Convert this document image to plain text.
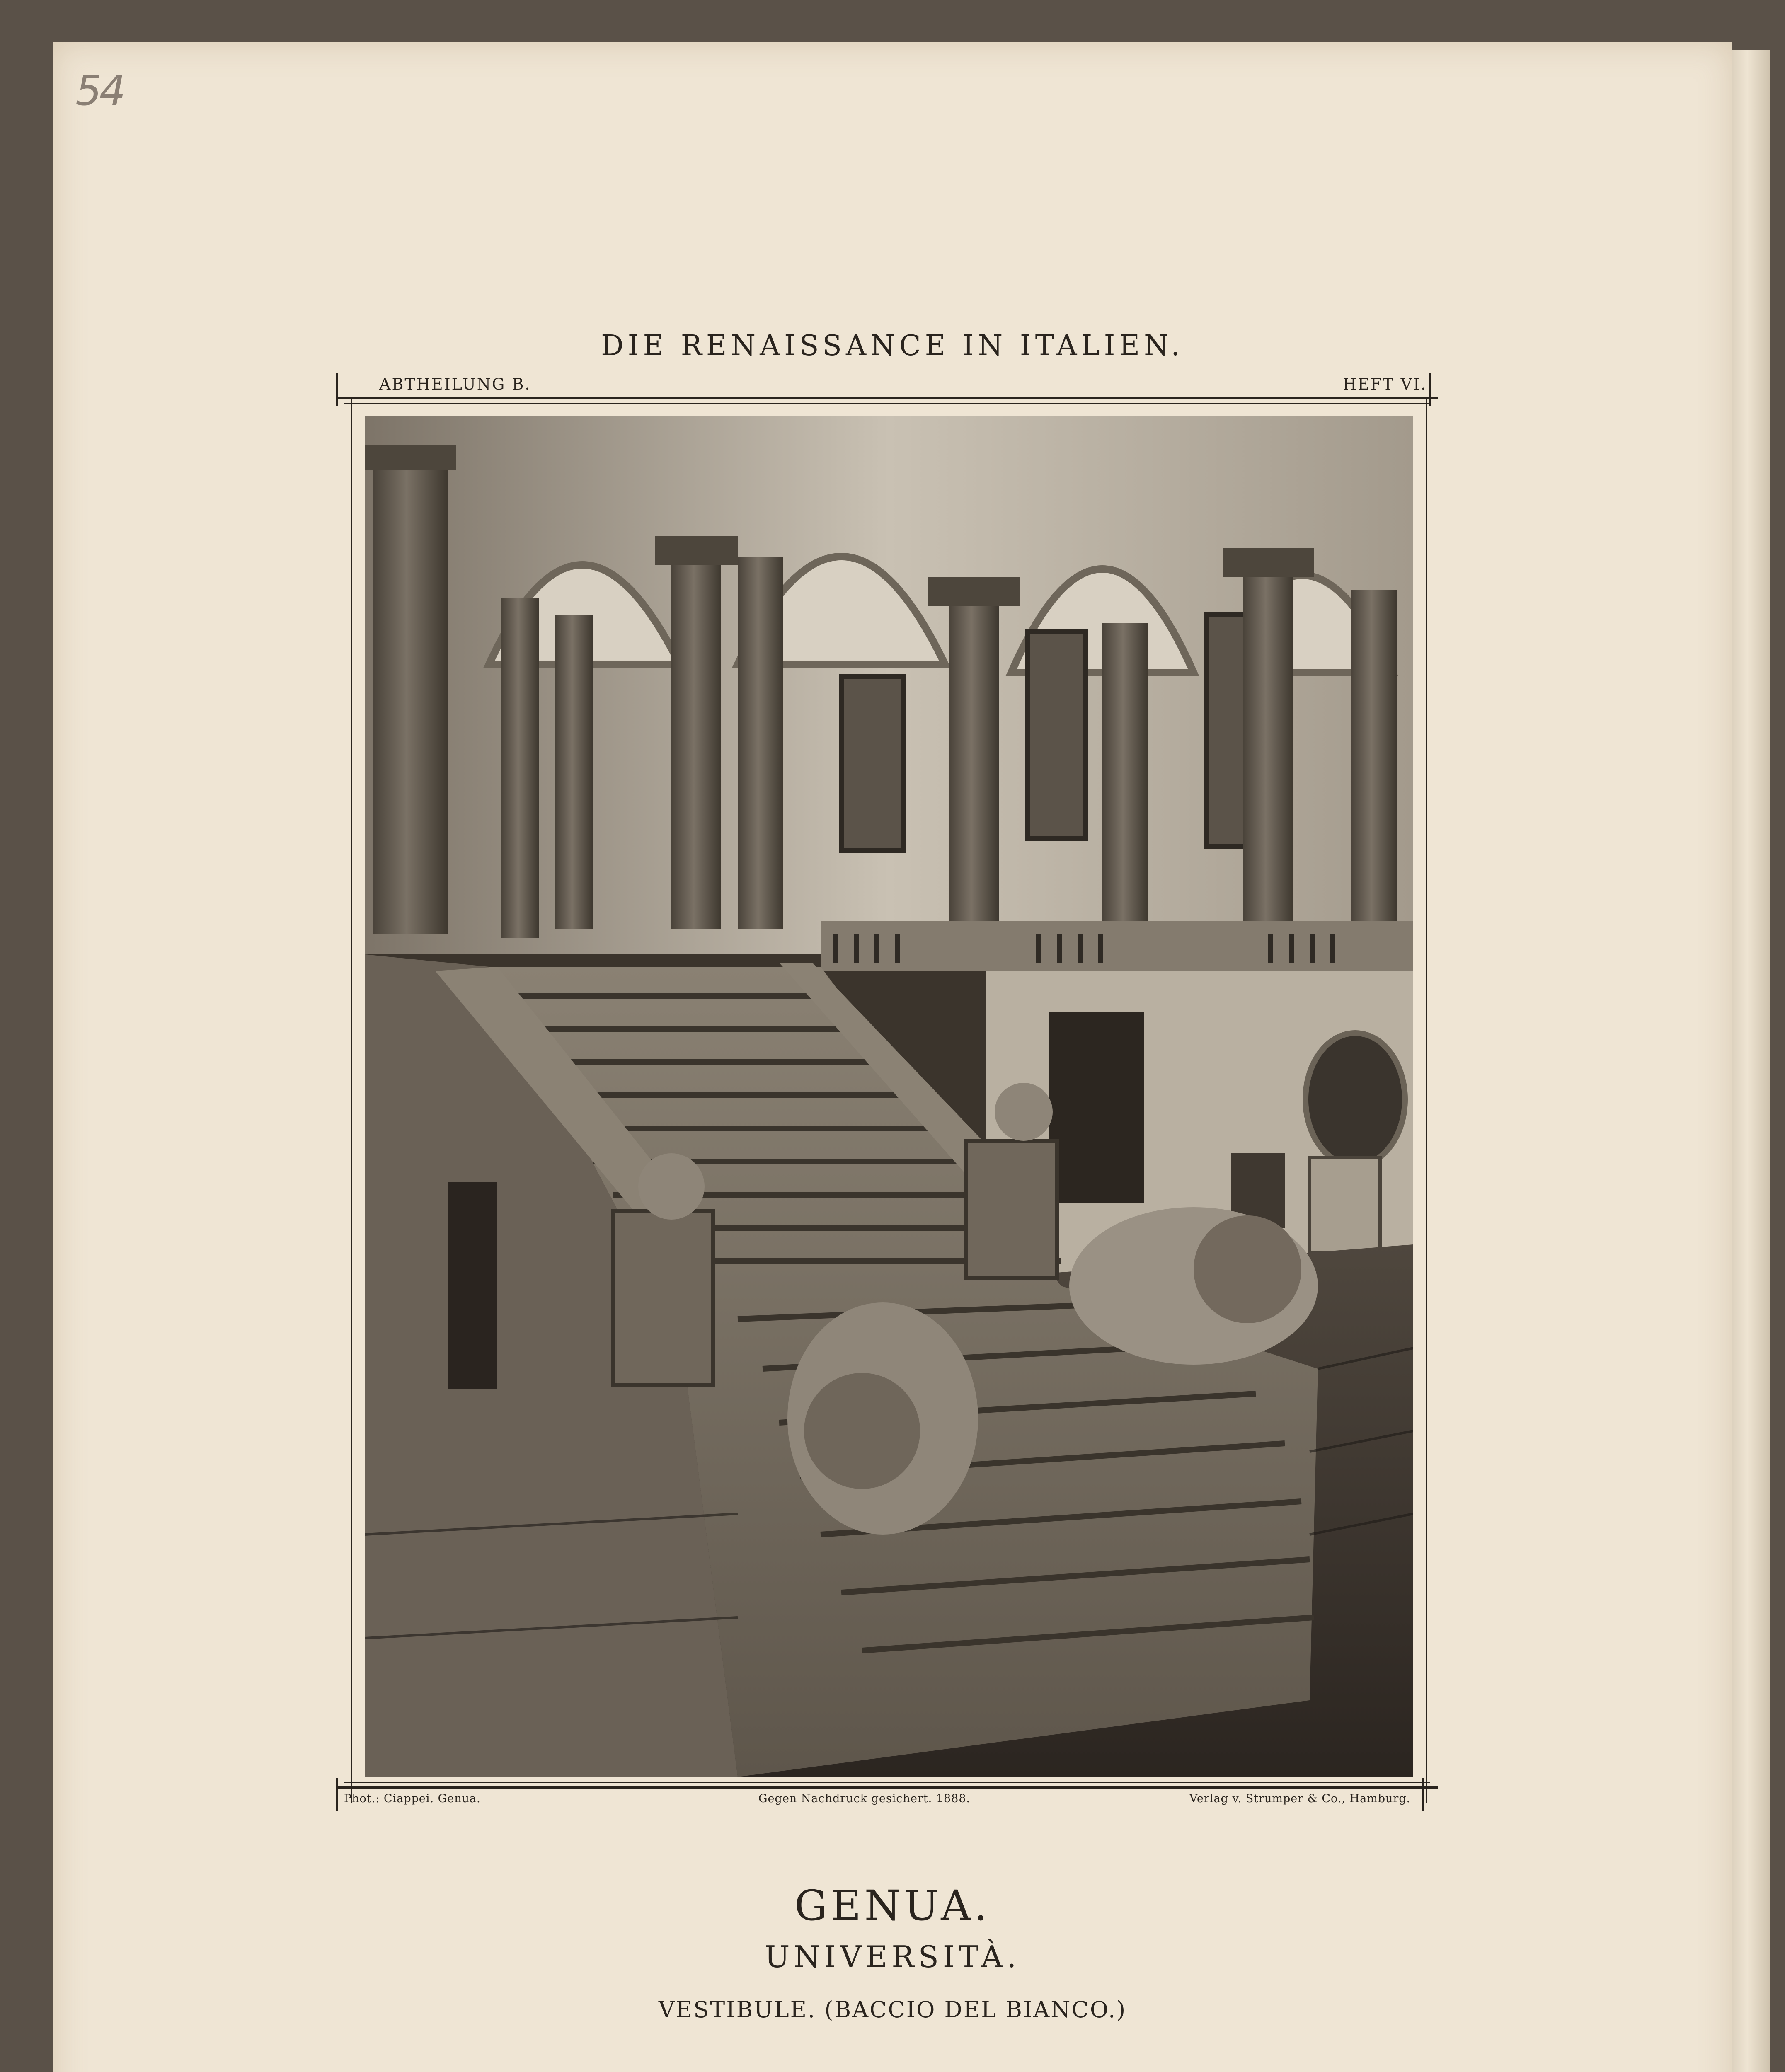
54
DIE RENAISSANCE IN ITALIEN.
ABTHEILUNG B.	HEFT VI.
Phot.: Ciappei. Genua.	Gegen Nachdruck gesichert. 1888.	Verlag v. Strumper & Co., Hamburg.
GENUA.
UNIVERSITÀ.
VESTIBULE. (BACCIO DEL BIANCO.)
